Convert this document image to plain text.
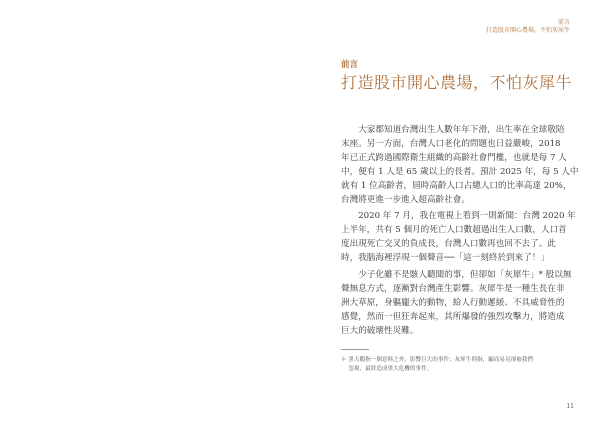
前言
打造股市開心農場，不怕灰犀牛
前言
打造股市開心農場，不怕灰犀牛
　　大家都知道台灣出生人數年年下滑，出生率在全球敬陪
末座。另一方面，台灣人口老化的問題也日益嚴峻，2018
年已正式跨過國際衛生組織的高齡社會門檻，也就是每 7 人
中，便有 1 人是 65 歲以上的長者。預計 2025 年，每 5 人中
就有 1 位高齡者，屆時高齡人口占總人口的比率高達 20%，
台灣將更進一步進入超高齡社會。
　　2020 年 7 月，我在電視上看到一則新聞：台灣 2020 年
上半年，共有 5 個月的死亡人口數超過出生人口數，人口首
度出現死亡交叉的負成長，台灣人口數再也回不去了。此
時，我腦海裡浮現一個聲音──「這一刻終於到來了！」
　　少子化雖不是駭人聽聞的事，但卻如「灰犀牛」* 般以無
聲無息方式，逐漸對台灣產生影響。灰犀牛是一種生長在非
洲大草原，身軀龐大的動物，給人行動遲緩、不具威脅性的
感覺，然而一但狂奔起來，其所爆發的強烈攻擊力，將造成
巨大的破壞性災難。
＊ 黑天鵝指一個意料之外，影響巨大的事件；灰犀牛則指，顯而易見卻被我們
　 忽視，最終造成重大危機的事件。
11
